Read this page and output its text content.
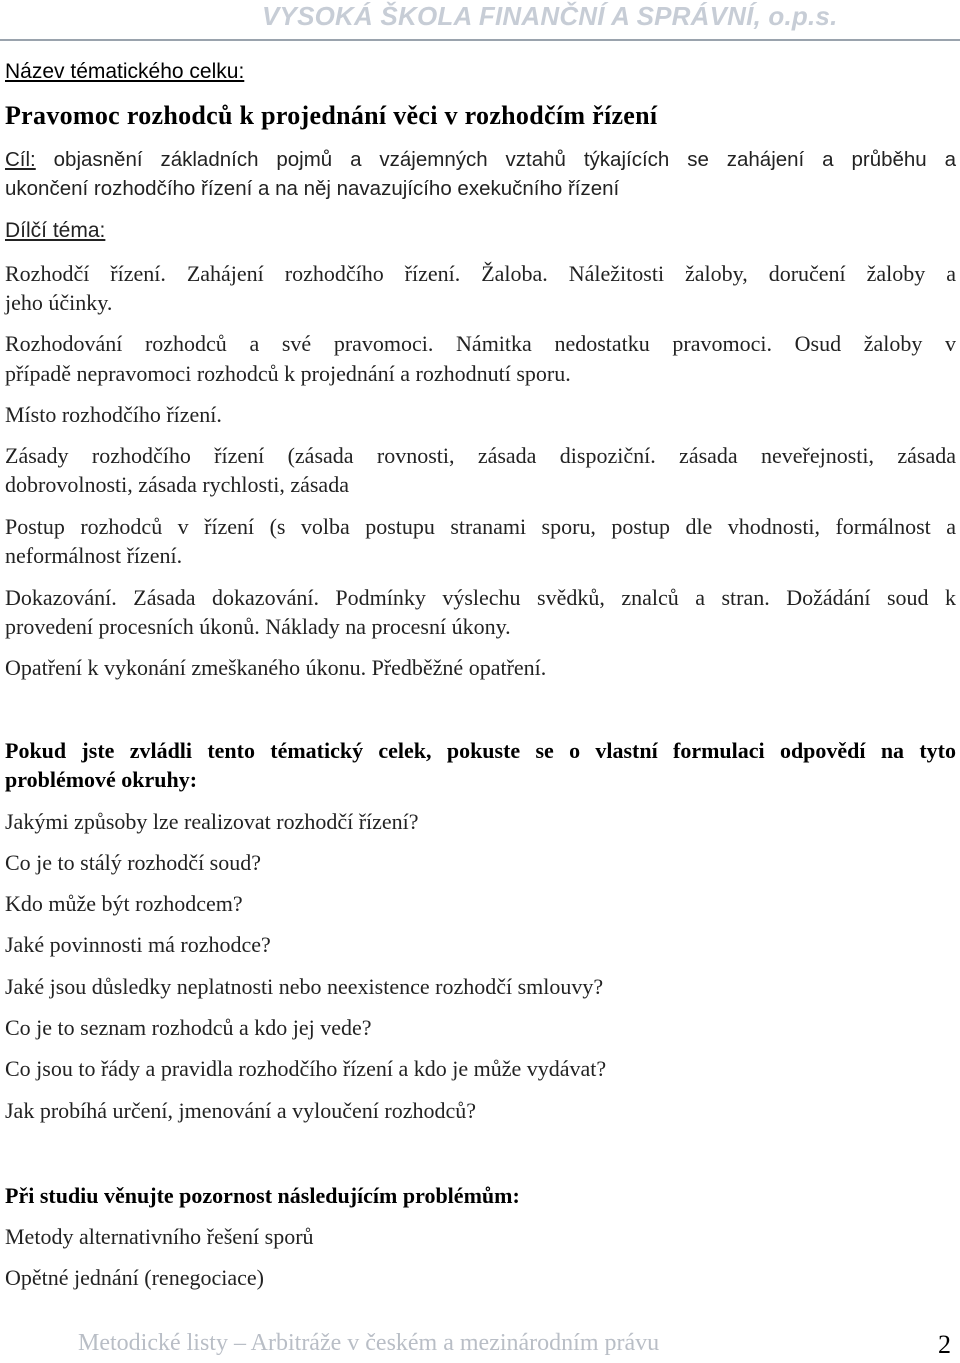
VYSOKÁ ŠKOLA FINANČNÍ A SPRÁVNÍ, o.p.s.

Název tématického celku:

Pravomoc rozhodců k projednání věci v rozhodčím řízení

Cíl: objasnění základních pojmů a vzájemných vztahů týkajících se zahájení a průběhu a

ukončení rozhodčího řízení a na něj navazujícího exekučního řízení

Dílčí téma:

Rozhodčí řízení. Zahájení rozhodčího řízení. Žaloba. Náležitosti žaloby, doručení žaloby a

jeho účinky.

Rozhodování rozhodců a své pravomoci. Námitka nedostatku pravomoci. Osud žaloby v

případě nepravomoci rozhodců k projednání a rozhodnutí sporu.

Místo rozhodčího řízení.

Zásady rozhodčího řízení (zásada rovnosti, zásada dispoziční. zásada neveřejnosti, zásada

dobrovolnosti, zásada rychlosti, zásada

Postup rozhodců v řízení (s volba postupu stranami sporu, postup dle vhodnosti, formálnost a

neformálnost řízení.

Dokazování. Zásada dokazování. Podmínky výslechu svědků, znalců a stran. Dožádání soud k

provedení procesních úkonů. Náklady na procesní úkony.

Opatření k vykonání zmeškaného úkonu. Předběžné opatření.

Pokud jste zvládli tento tématický celek, pokuste se o vlastní formulaci odpovědí na tyto

problémové okruhy:

Jakými způsoby lze realizovat rozhodčí řízení?

Co je to stálý rozhodčí soud?

Kdo může být rozhodcem?

Jaké povinnosti má rozhodce?

Jaké jsou důsledky neplatnosti nebo neexistence rozhodčí smlouvy?

Co je to seznam rozhodců a kdo jej vede?

Co jsou to řády a pravidla rozhodčího řízení a kdo je může vydávat?

Jak probíhá určení, jmenování a vyloučení rozhodců?

Při studiu věnujte pozornost následujícím problémům:

Metody alternativního řešení sporů

Opětné jednání (renegociace)

Metodické listy – Arbitráže v českém a mezinárodním právu	2
